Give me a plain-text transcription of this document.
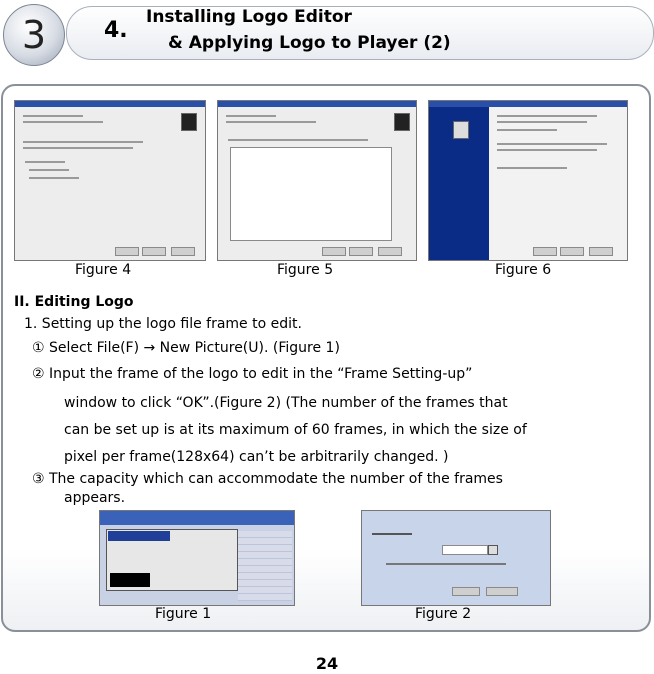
3	4.
Installing Logo Editor
& Applying Logo to Player (2)
Figure 4	Figure 5	Figure 6
II. Editing Logo
1. Setting up the logo file frame to edit.
① Select File(F) → New Picture(U). (Figure 1)
② Input the frame of the logo to edit in the “Frame Setting-up”
window to click “OK”.(Figure 2) (The number of the frames that
can be set up is at its maximum of 60 frames, in which the size of
pixel per frame(128x64) can’t be arbitrarily changed. )
③ The capacity which can accommodate the number of the frames
appears.
Figure 1	Figure 2
24
